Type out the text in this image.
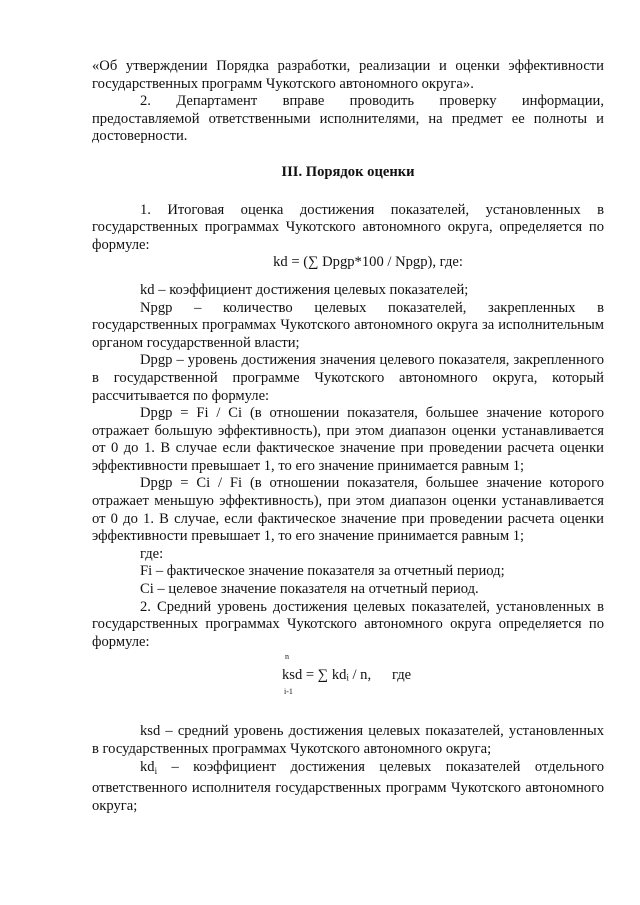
«Об утверждении Порядка разработки, реализации и оценки эффективности государственных программ Чукотского автономного округа».

2. Департамент вправе проводить проверку информации, предоставляемой ответственными исполнителями, на предмет ее полноты и достоверности.

III. Порядок оценки

1. Итоговая оценка достижения показателей, установленных в государственных программах Чукотского автономного округа, определяется по формуле:

kd = (∑ Dpgp*100 / Npgp), где:

kd – коэффициент достижения целевых показателей;

Npgp – количество целевых показателей, закрепленных в государственных программах Чукотского автономного округа за исполнительным органом государственной власти;

Dpgp – уровень достижения значения целевого показателя, закрепленного в государственной программе Чукотского автономного округа, который рассчитывается по формуле:

Dpgp = Fi / Ci (в отношении показателя, большее значение которого отражает большую эффективность), при этом диапазон оценки устанавливается от 0 до 1. В случае если фактическое значение при проведении расчета оценки эффективности превышает 1, то его значение принимается равным 1;

Dpgp = Ci / Fi (в отношении показателя, большее значение которого отражает меньшую эффективность), при этом диапазон оценки устанавливается от 0 до 1. В случае, если фактическое значение при проведении расчета оценки эффективности превышает 1, то его значение принимается равным 1;

где:

Fi – фактическое значение показателя за отчетный период;

Ci – целевое значение показателя на отчетный период.

2. Средний уровень достижения целевых показателей, установленных в государственных программах Чукотского автономного округа определяется по формуле:

n
ksd = ∑ kdᵢ / n,
i-1
где

ksd – средний уровень достижения целевых показателей, установленных в государственных программах Чукотского автономного округа;

$kd_i$ – коэффициент достижения целевых показателей отдельного ответственного исполнителя государственных программ Чукотского автономного округа;
